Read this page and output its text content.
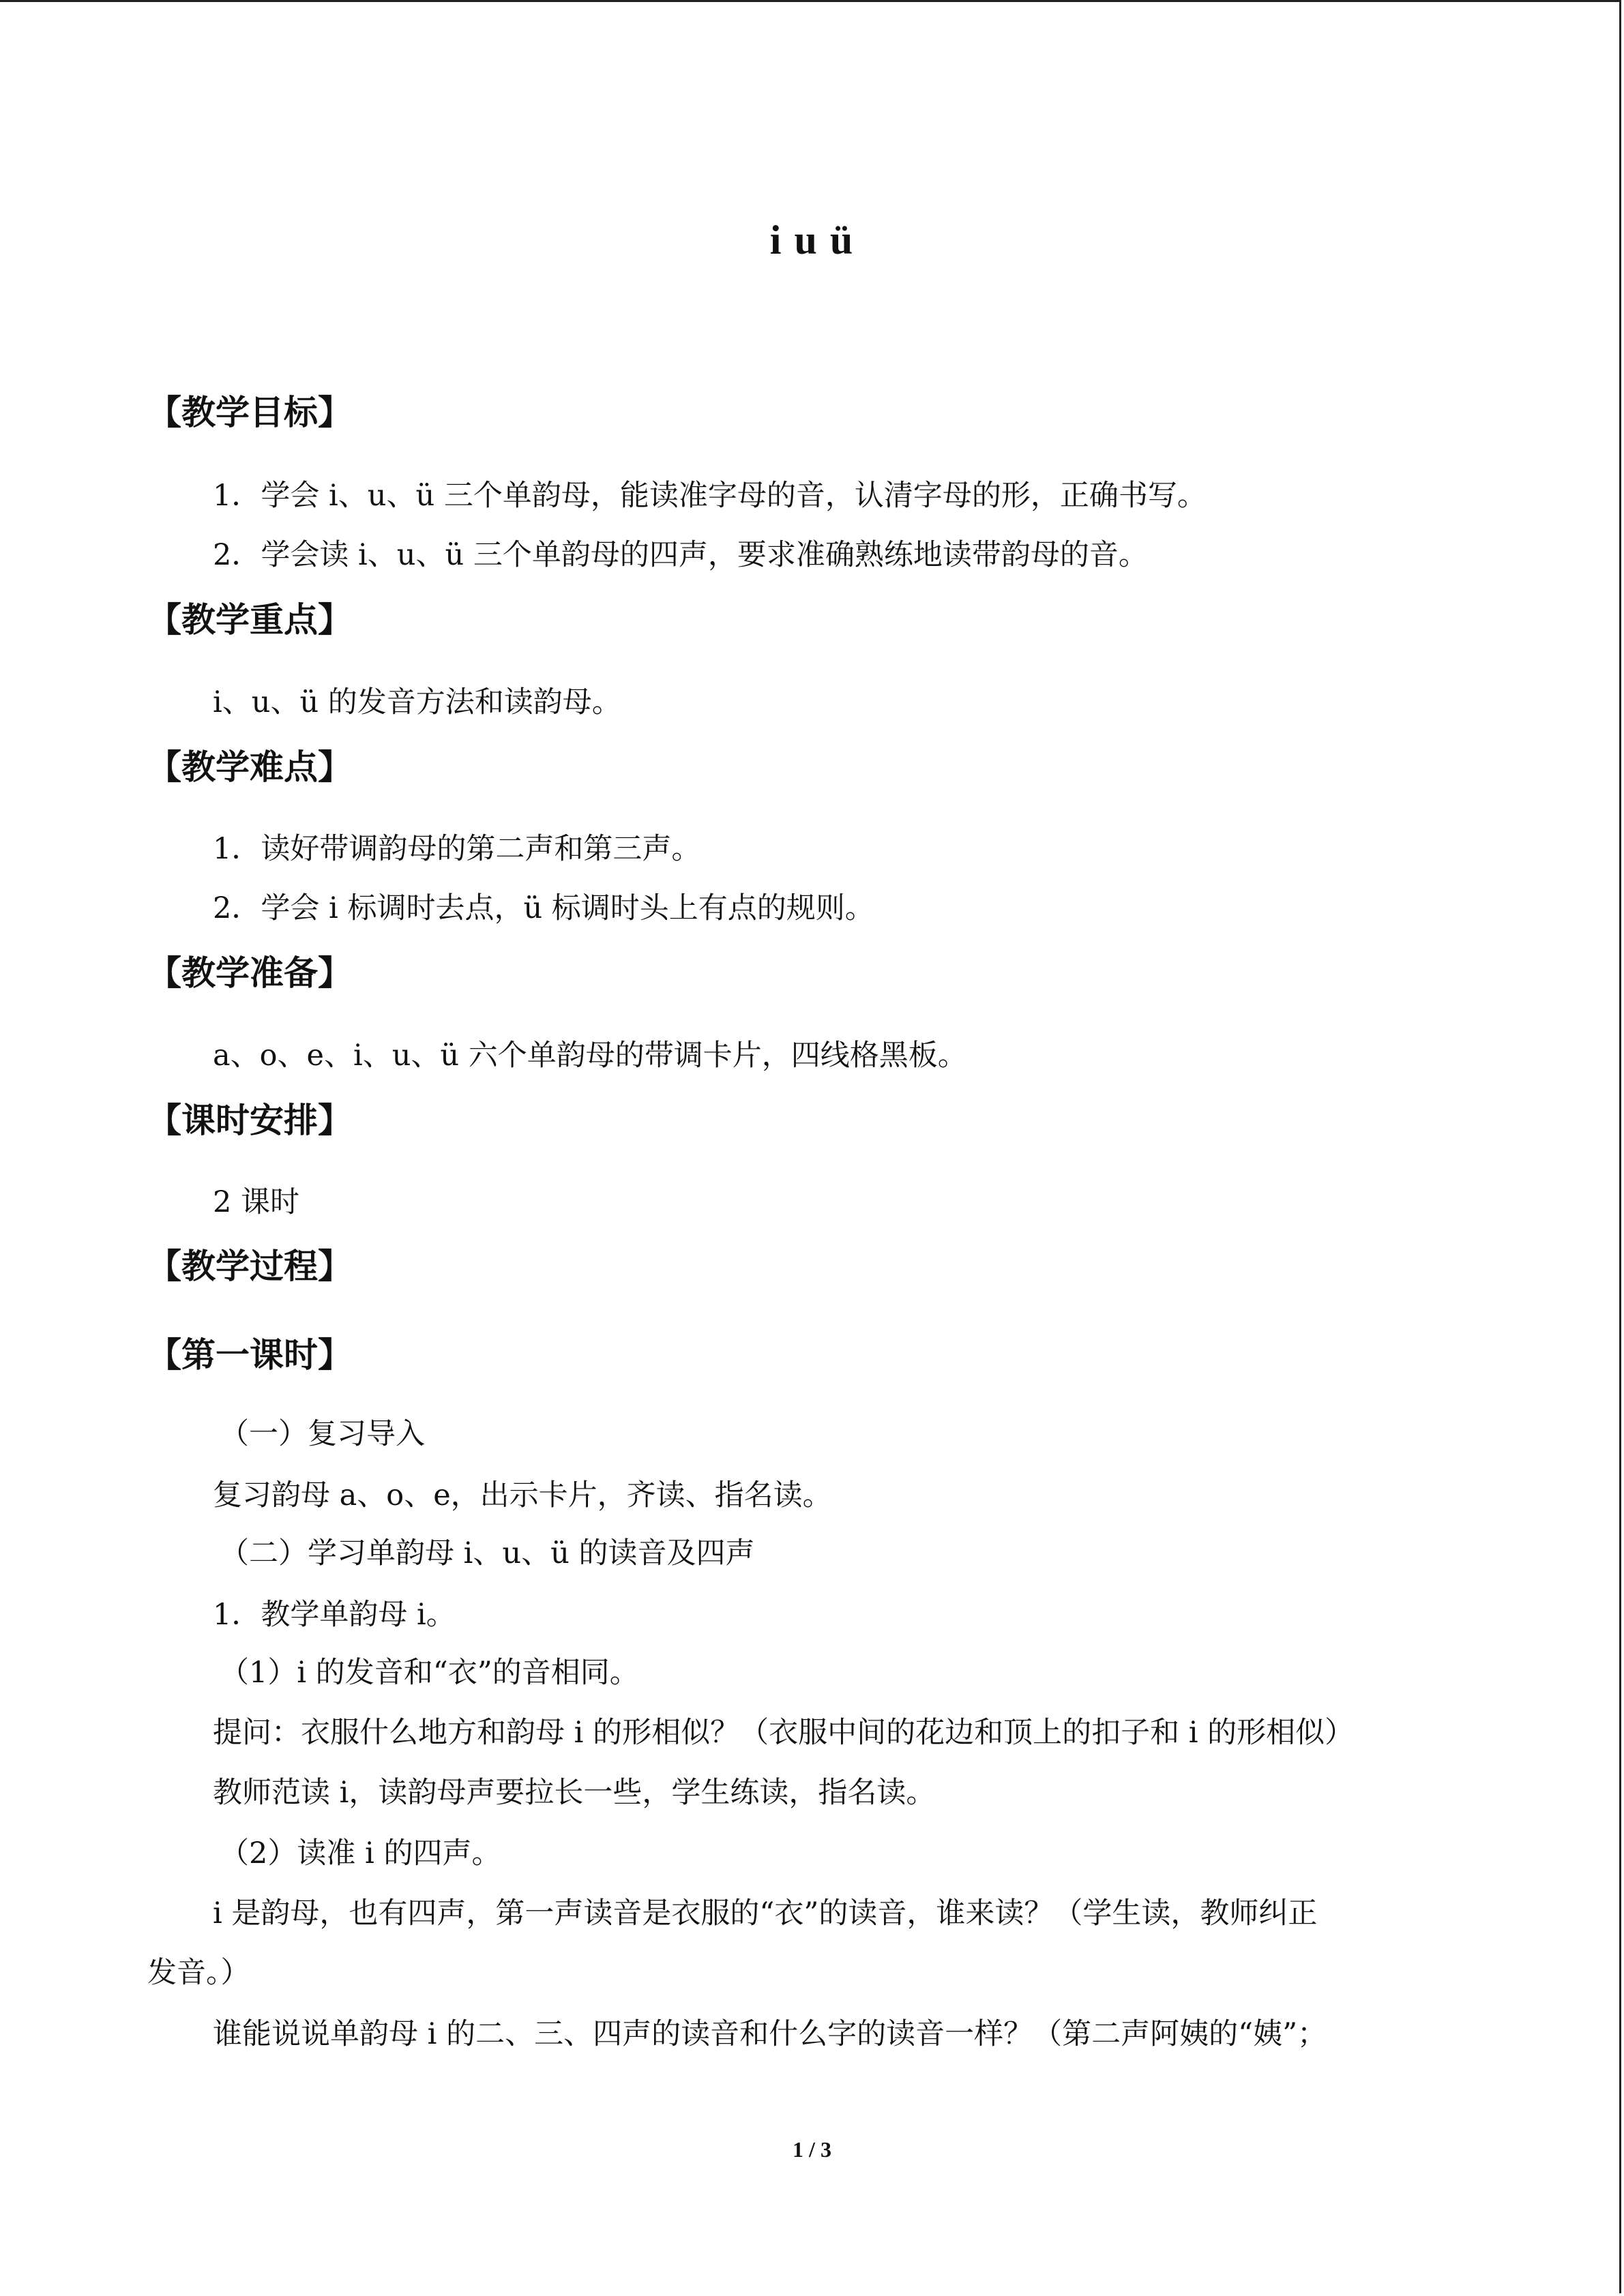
i u ü
【教学目标】
1．学会 i、u、ü 三个单韵母，能读准字母的音，认清字母的形，正确书写。
2．学会读 i、u、ü 三个单韵母的四声，要求准确熟练地读带韵母的音。
【教学重点】
i、u、ü 的发音方法和读韵母。
【教学难点】
1．读好带调韵母的第二声和第三声。
2．学会 i 标调时去点，ü 标调时头上有点的规则。
【教学准备】
a、o、e、i、u、ü 六个单韵母的带调卡片，四线格黑板。
【课时安排】
2 课时
【教学过程】
【第一课时】
（一）复习导入
复习韵母 a、o、e，出示卡片，齐读、指名读。
（二）学习单韵母 i、u、ü 的读音及四声
1．教学单韵母 i。
（1）i 的发音和“衣”的音相同。
提问：衣服什么地方和韵母 i 的形相似？（衣服中间的花边和顶上的扣子和 i 的形相似）
教师范读 i，读韵母声要拉长一些，学生练读，指名读。
（2）读准 i 的四声。
i 是韵母，也有四声，第一声读音是衣服的“衣”的读音，谁来读？（学生读，教师纠正
发音。）
谁能说说单韵母 i 的二、三、四声的读音和什么字的读音一样？（第二声阿姨的“姨”；
1 / 3
